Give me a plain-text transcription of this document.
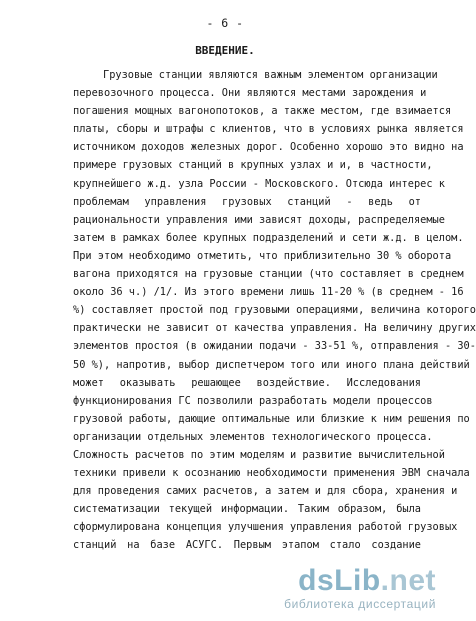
- 6 -
ВВЕДЕНИЕ.
Грузовые станции являются важным элементом организации
перевозочного процесса. Они являются местами зарождения и
погашения мощных вагонопотоков, а также местом, где взимается
платы, сборы и штрафы с клиентов, что в условиях рынка является
источником доходов железных дорог. Особенно хорошо это видно на
примере грузовых станций в крупных узлах и и, в частности,
крупнейшего ж.д. узла России - Московского. Отсюда интерес к
проблемам управления грузовых станций - ведь от
рациональности управления ими зависят доходы, распределяемые
затем в рамках более крупных подразделений и сети ж.д. в целом.
При этом необходимо отметить, что приблизительно 30 % оборота
вагона приходятся на грузовые станции (что составляет в среднем
около 36 ч.) /1/. Из этого времени лишь 11-20 % (в среднем - 16
%) составляет простой под грузовыми операциями, величина которого
практически не зависит от качества управления. На величину других
элементов простоя (в ожидании подачи - 33-51 %, отправления - 30-
50 %), напротив, выбор диспетчером того или иного плана действий
может оказывать решающее воздействие. Исследования
функционирования ГС позволили разработать модели процессов
грузовой работы, дающие оптимальные или близкие к ним решения по
организации отдельных элементов технологического процесса.
Сложность расчетов по этим моделям и развитие вычислительной
техники привели к осознанию необходимости применения ЭВМ сначала
для проведения самих расчетов, а затем и для сбора, хранения и
систематизации текущей информации. Таким образом, была
сформулирована концепция улучшения управления работой грузовых
станций на базе АСУГС. Первым этапом стало создание
dsLib.net
библиотека диссертаций
